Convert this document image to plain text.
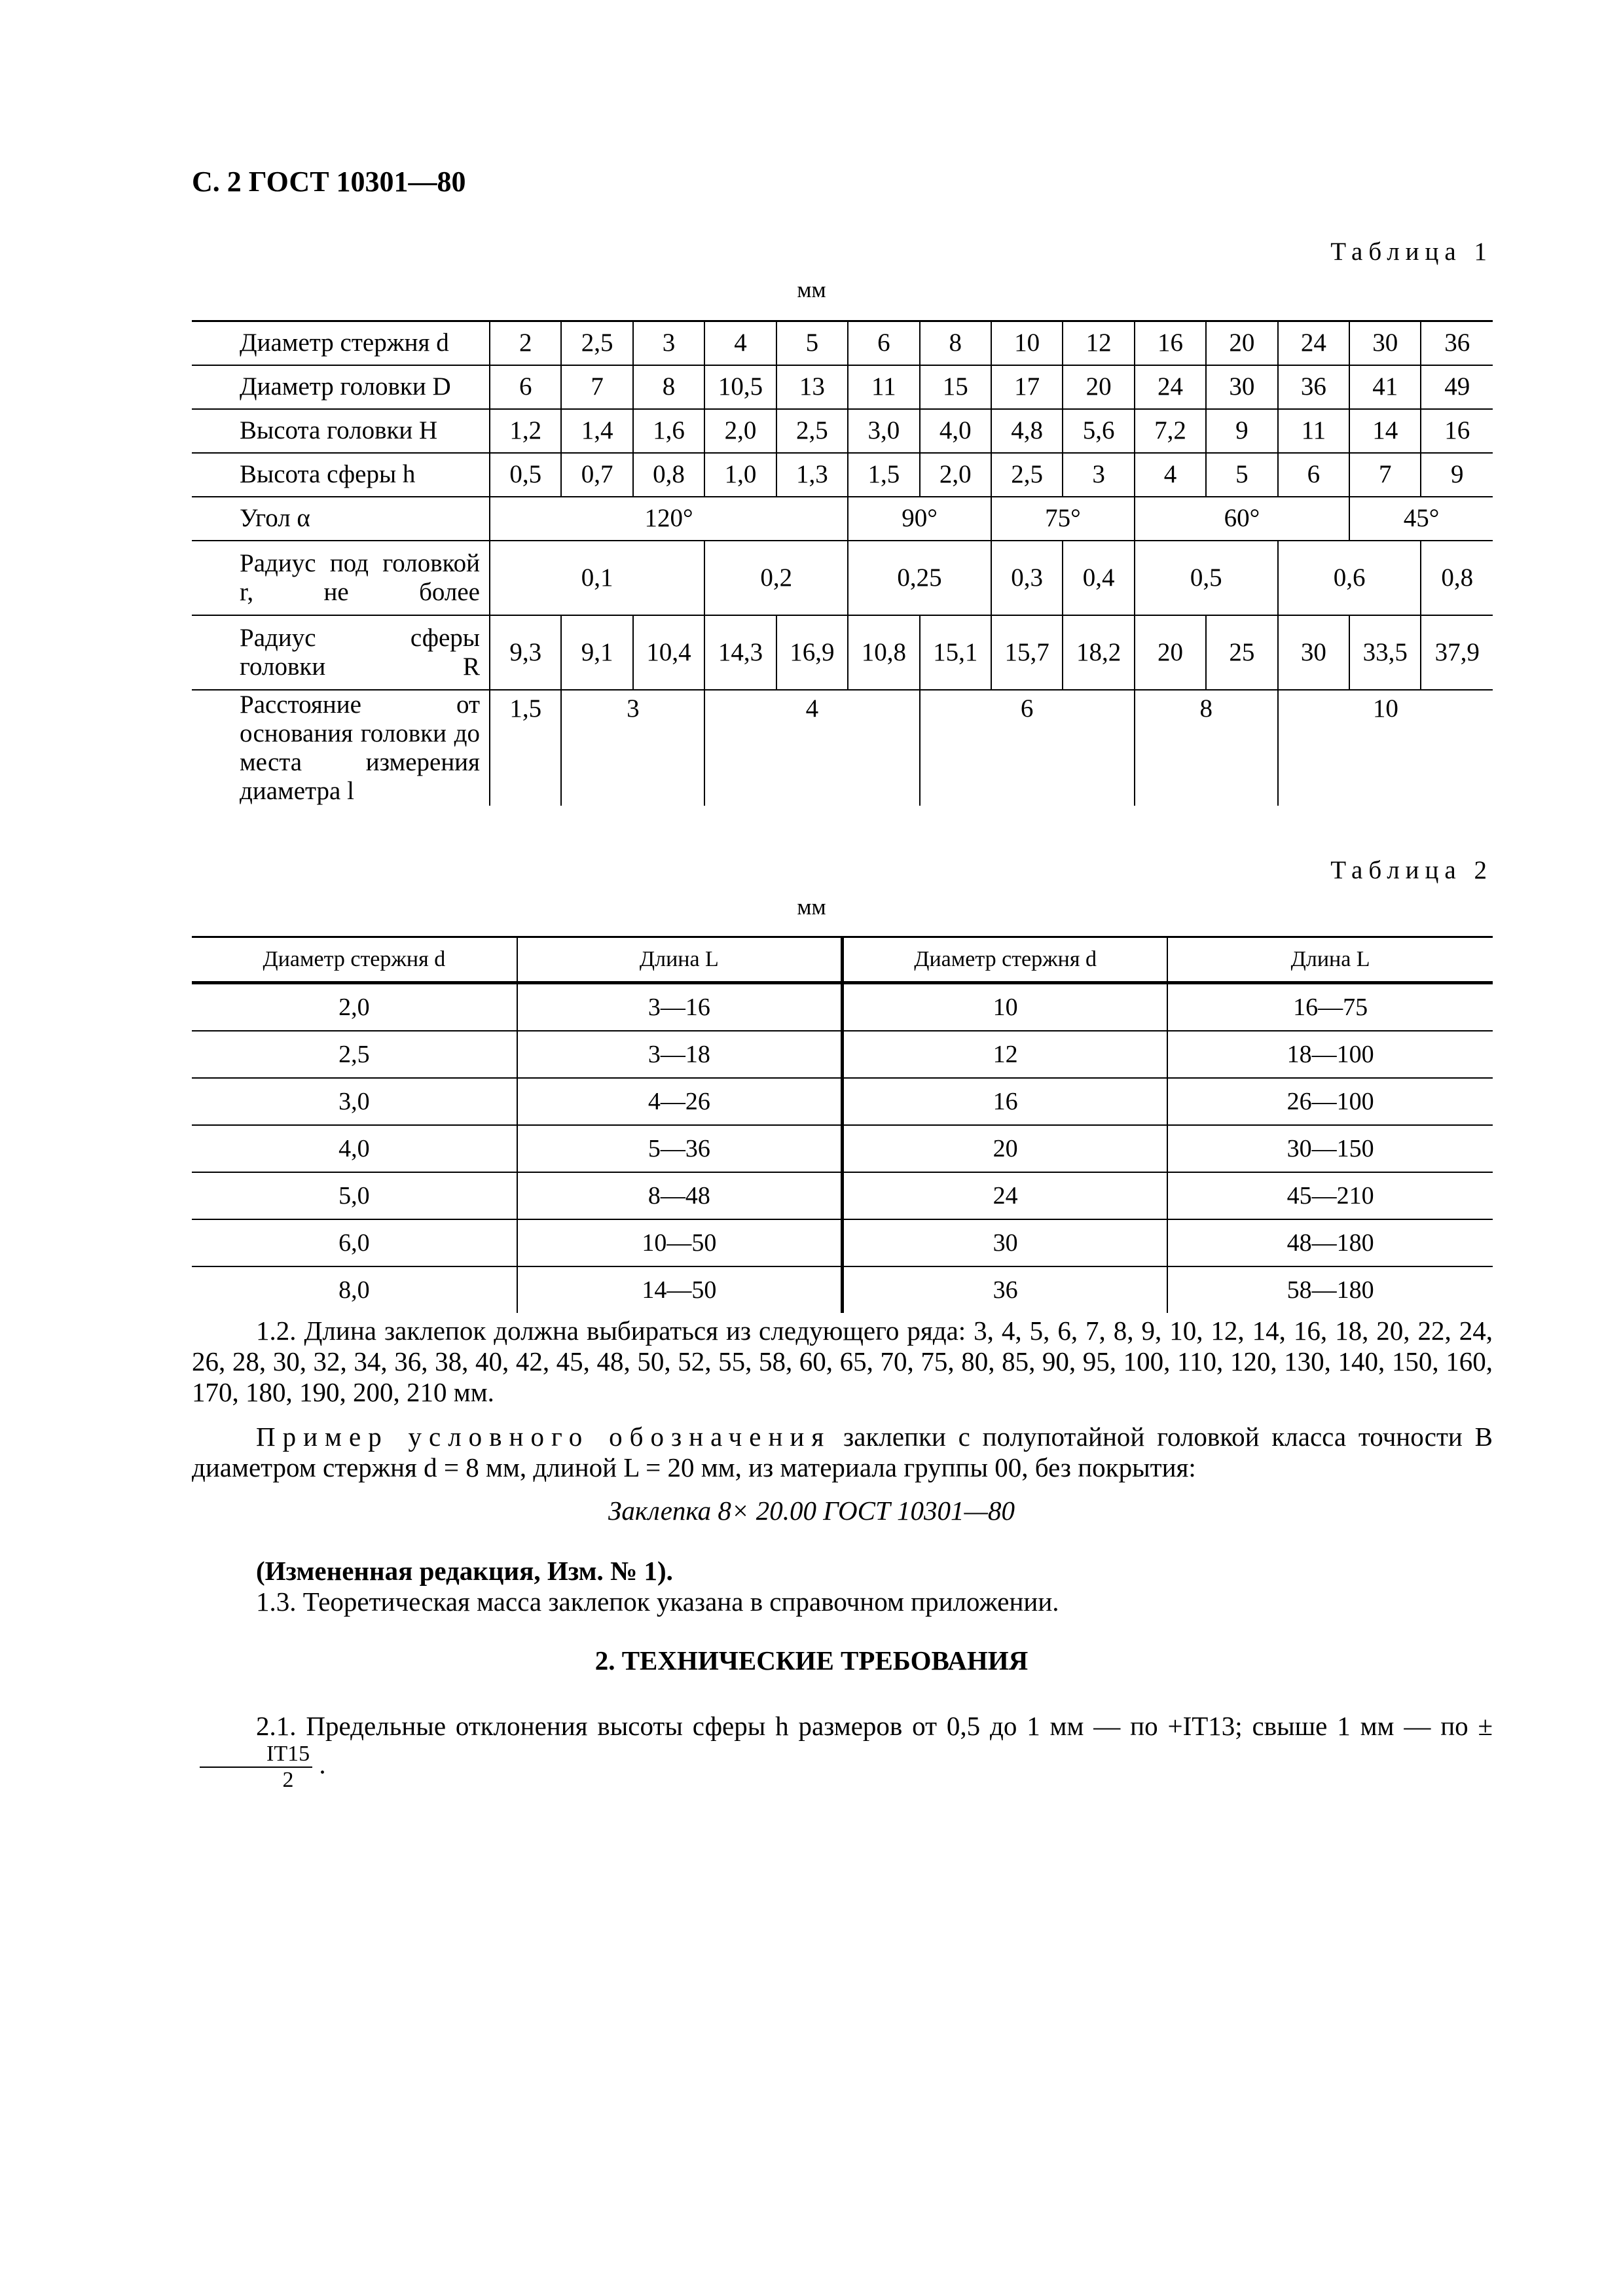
С. 2 ГОСТ 10301—80
Таблица 1
мм
Диаметр стержня d	2	2,5	3	4	5	6	8	10	12	16	20	24	30	36
Диаметр головки D	6	7	8	10,5	13	11	15	17	20	24	30	36	41	49
Высота головки H	1,2	1,4	1,6	2,0	2,5	3,0	4,0	4,8	5,6	7,2	9	11	14	16
Высота сферы h	0,5	0,7	0,8	1,0	1,3	1,5	2,0	2,5	3	4	5	6	7	9
Угол α	120°					90°		75°		60°			45°	
Радиус под головкой r, не более	0,1			0,2		0,25		0,3	0,4	0,5		0,6		0,8
Радиус сферы головки R	9,3	9,1	10,4	14,3	16,9	10,8	15,1	15,7	18,2	20	25	30	33,5	37,9
Расстояние от основания головки до места измерения диаметра l	1,5	3		4			6			8		10		
Таблица 2
мм
Диаметр стержня d	Длина L	Диаметр стержня d	Длина L
2,0	3—16	10	16—75
2,5	3—18	12	18—100
3,0	4—26	16	26—100
4,0	5—36	20	30—150
5,0	8—48	24	45—210
6,0	10—50	30	48—180
8,0	14—50	36	58—180
1.2. Длина заклепок должна выбираться из следующего ряда: 3, 4, 5, 6, 7, 8, 9, 10, 12, 14, 16, 18, 20, 22, 24, 26, 28, 30, 32, 34, 36, 38, 40, 42, 45, 48, 50, 52, 55, 58, 60, 65, 70, 75, 80, 85, 90, 95, 100, 110, 120, 130, 140, 150, 160, 170, 180, 190, 200, 210 мм.
Пример условного обозначения заклепки с полупотайной головкой класса точности В диаметром стержня d = 8 мм, длиной L = 20 мм, из материала группы 00, без покрытия:
Заклепка 8× 20.00 ГОСТ 10301—80
(Измененная редакция, Изм. № 1).
1.3. Теоретическая масса заклепок указана в справочном приложении.
2. ТЕХНИЧЕСКИЕ ТРЕБОВАНИЯ
2.1. Предельные отклонения высоты сферы h размеров от 0,5 до 1 мм — по +IT13; свыше 1 мм — по ±
$\frac{IT15}{2}$ .
